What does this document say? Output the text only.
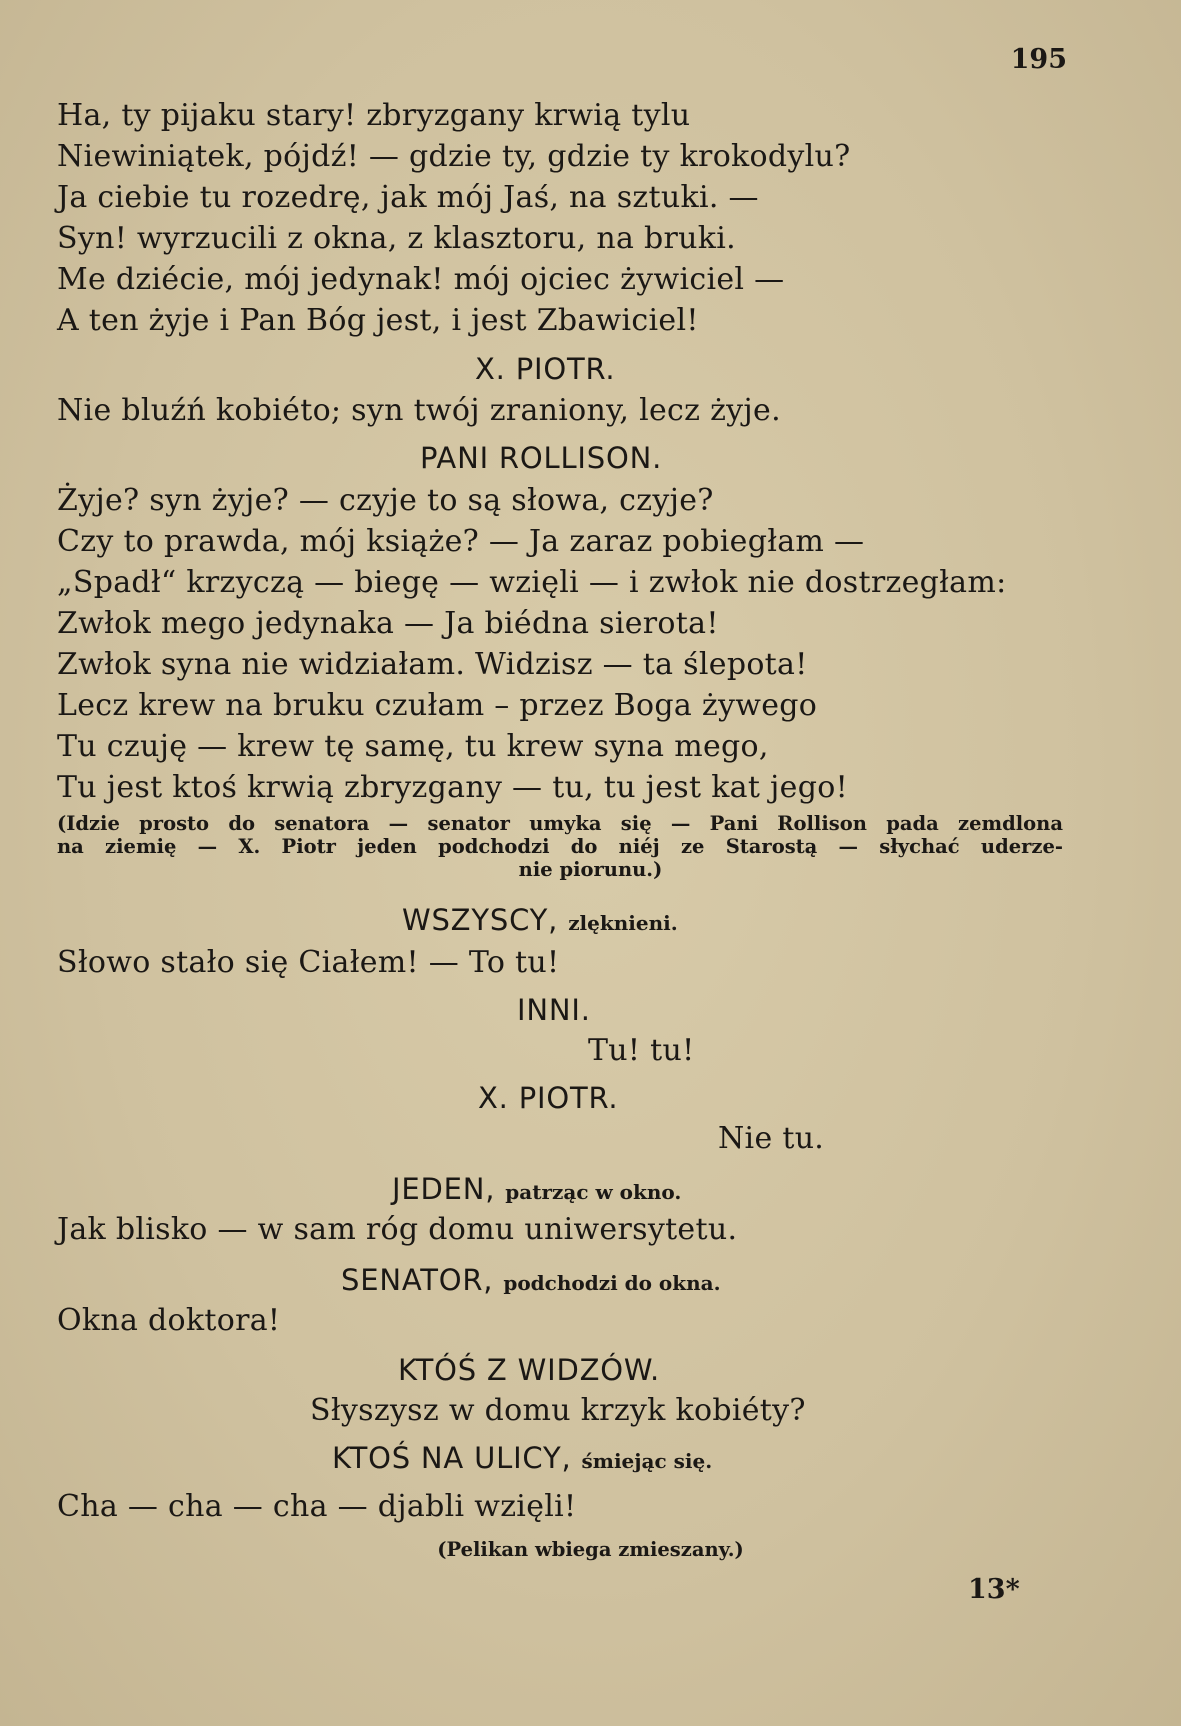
195
Ha, ty pijaku stary! zbryzgany krwią tylu
Niewiniątek, pójdź! — gdzie ty, gdzie ty krokodylu?
Ja ciebie tu rozedrę, jak mój Jaś, na sztuki. —
Syn! wyrzucili z okna, z klasztoru, na bruki.
Me dziécie, mój jedynak! mój ojciec żywiciel —
A ten żyje i Pan Bóg jest, i jest Zbawiciel!
X. PIOTR.
Nie bluźń kobiéto; syn twój zraniony, lecz żyje.
PANI ROLLISON.
Żyje? syn żyje? — czyje to są słowa, czyje?
Czy to prawda, mój książe? — Ja zaraz pobiegłam —
„Spadł“ krzyczą — biegę — wzięli — i zwłok nie dostrzegłam:
Zwłok mego jedynaka — Ja biédna sierota!
Zwłok syna nie widziałam. Widzisz — ta ślepota!
Lecz krew na bruku czułam – przez Boga żywego
Tu czuję — krew tę samę, tu krew syna mego,
Tu jest ktoś krwią zbryzgany — tu, tu jest kat jego!
(Idzie prosto do senatora — senator umyka się — Pani Rollison pada zemdlona
na ziemię — X. Piotr jeden podchodzi do niéj ze Starostą — słychać uderze-
nie piorunu.)
WSZYSCY, zlęknieni.
Słowo stało się Ciałem! — To tu!
INNI.
Tu! tu!
X. PIOTR.
Nie tu.
JEDEN, patrząc w okno.
Jak blisko — w sam róg domu uniwersytetu.
SENATOR, podchodzi do okna.
Okna doktora!
KTÓŚ Z WIDZÓW.
Słyszysz w domu krzyk kobiéty?
KTOŚ NA ULICY, śmiejąc się.
Cha — cha — cha — djabli wzięli!
(Pelikan wbiega zmieszany.)
13*
